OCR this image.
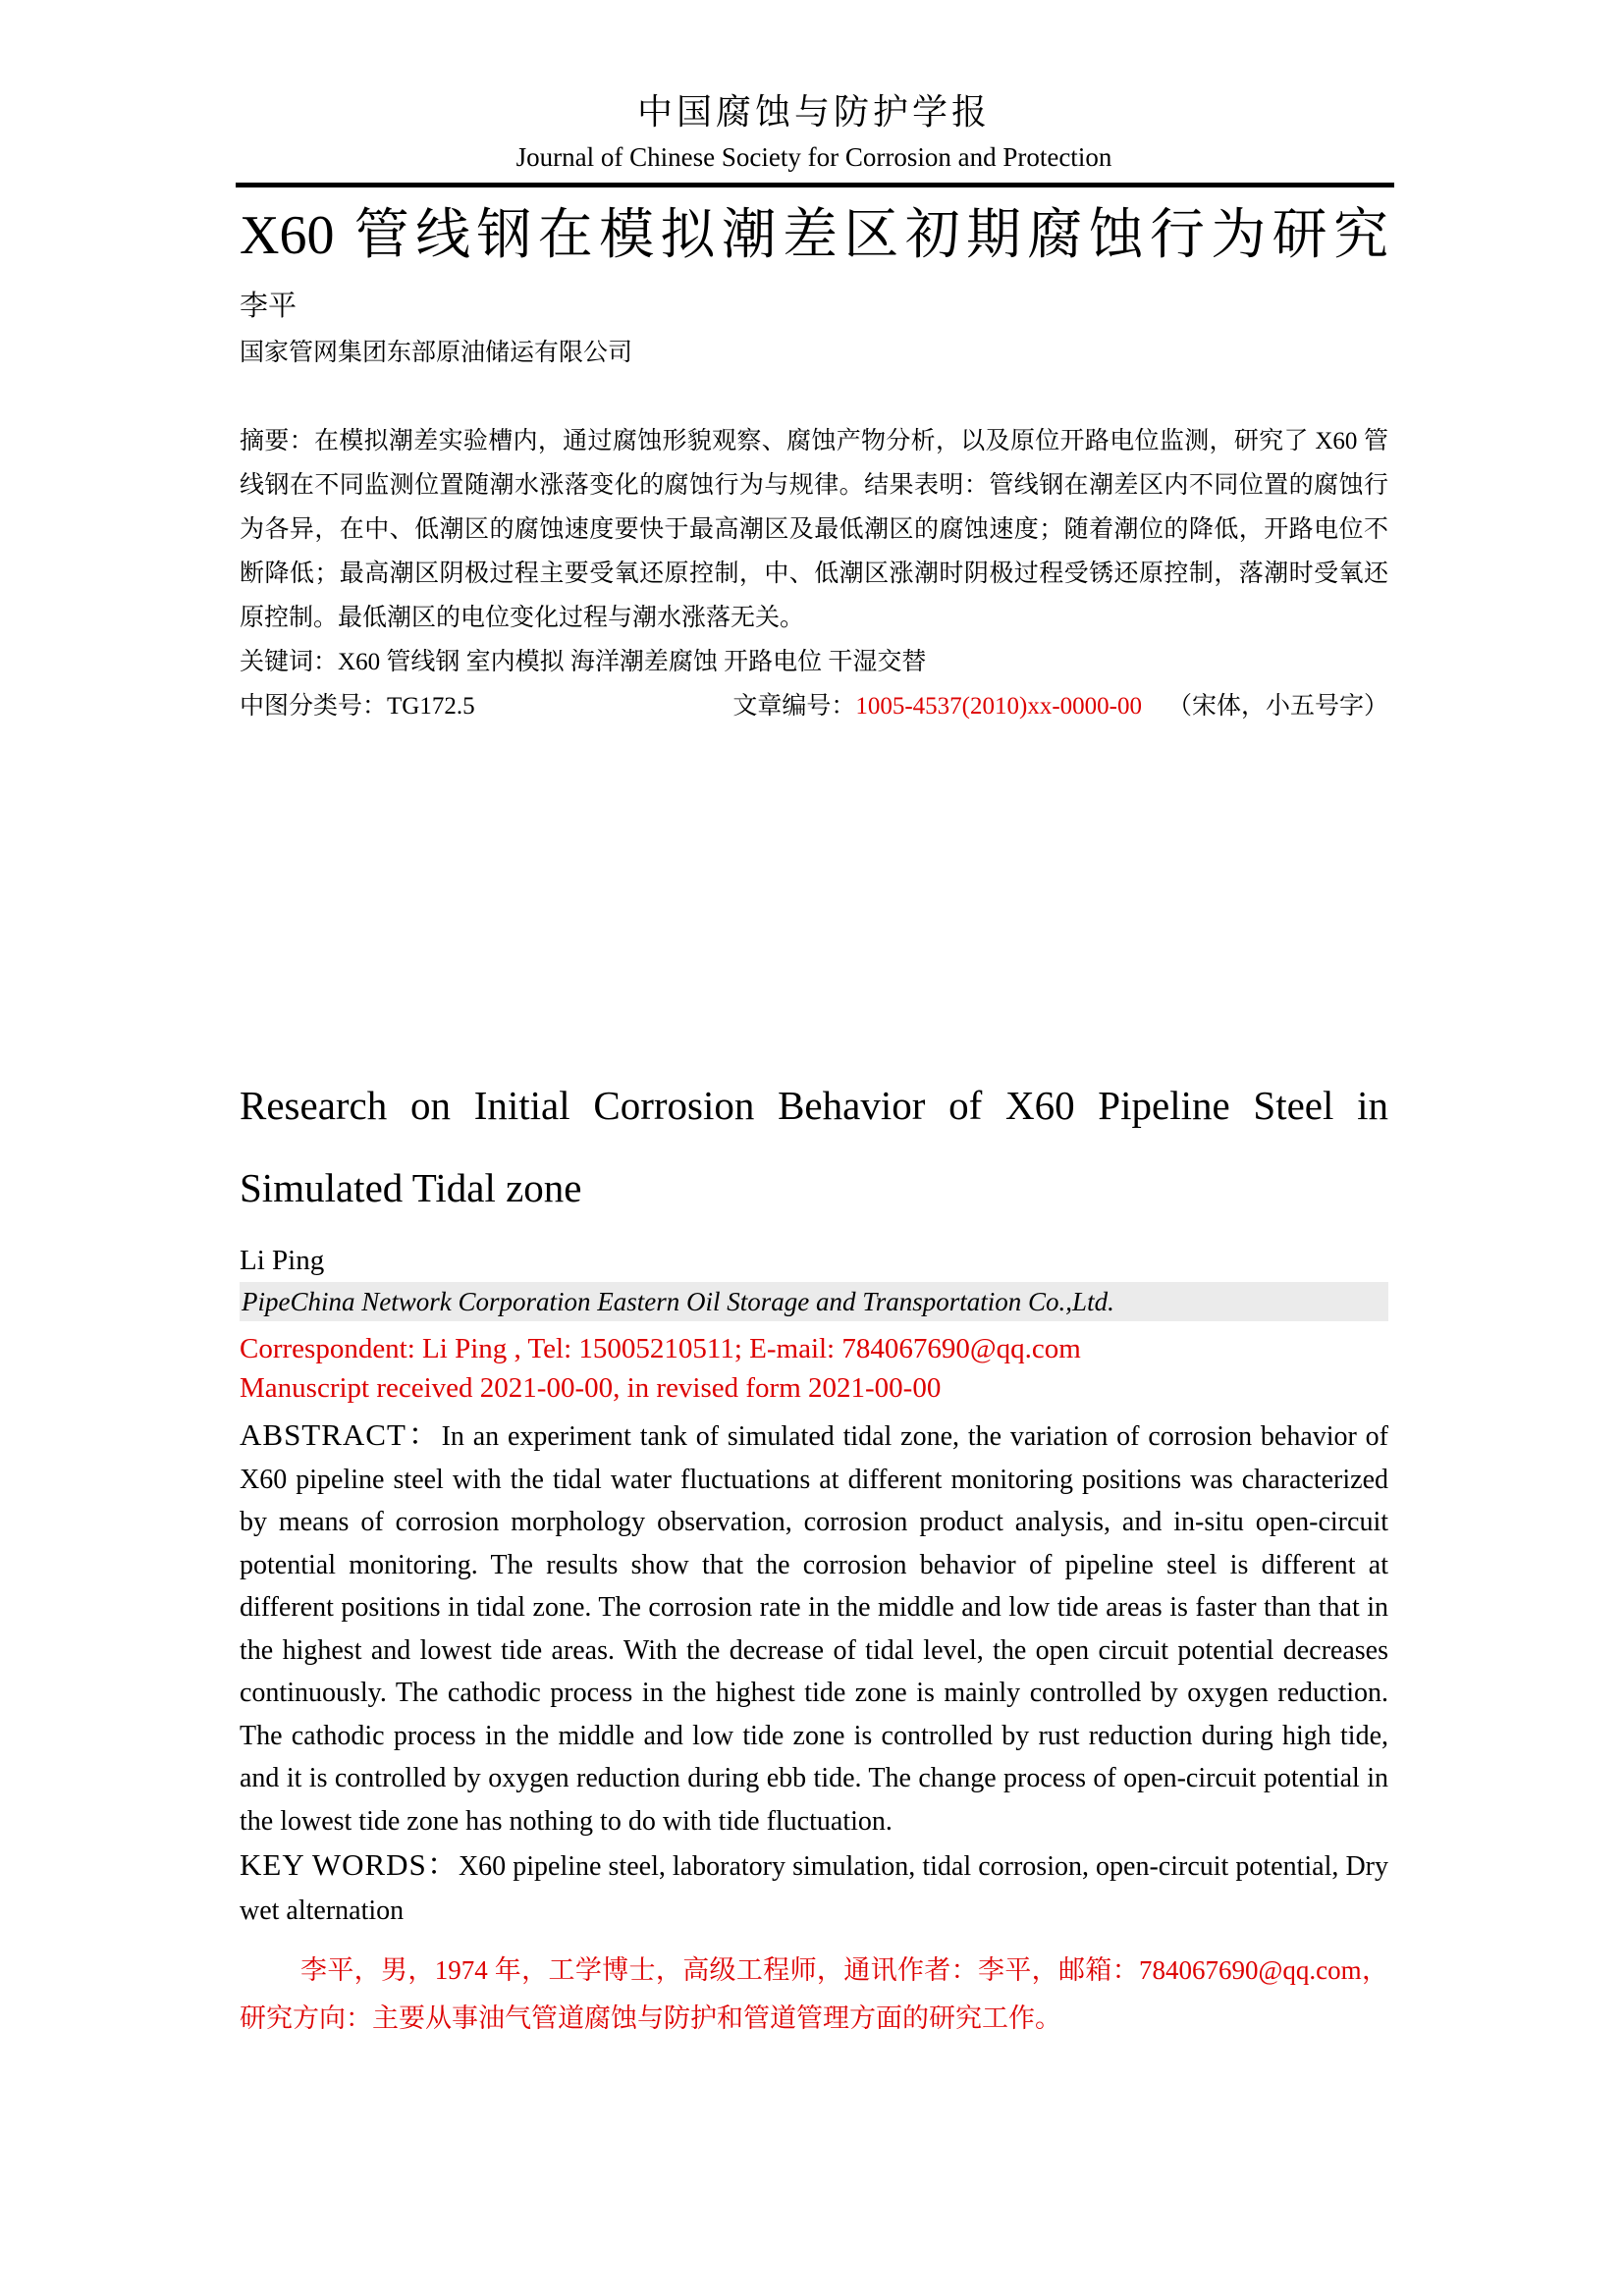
中国腐蚀与防护学报
Journal of Chinese Society for Corrosion and Protection
X60 管线钢在模拟潮差区初期腐蚀行为研究
李平
国家管网集团东部原油储运有限公司
摘要：在模拟潮差实验槽内，通过腐蚀形貌观察、腐蚀产物分析，以及原位开路电位监测，研究了 X60 管线钢在不同监测位置随潮水涨落变化的腐蚀行为与规律。结果表明：管线钢在潮差区内不同位置的腐蚀行为各异，在中、低潮区的腐蚀速度要快于最高潮区及最低潮区的腐蚀速度；随着潮位的降低，开路电位不断降低；最高潮区阴极过程主要受氧还原控制，中、低潮区涨潮时阴极过程受锈还原控制，落潮时受氧还原控制。最低潮区的电位变化过程与潮水涨落无关。
关键词：X60 管线钢 室内模拟 海洋潮差腐蚀 开路电位 干湿交替
中图分类号：TG172.5	文章编号：1005-4537(2010)xx-0000-00 （宋体，小五号字）
Research on Initial Corrosion Behavior of X60 Pipeline Steel in
Simulated Tidal zone
Li Ping
PipeChina Network Corporation Eastern Oil Storage and Transportation Co.,Ltd.
Correspondent: Li Ping , Tel: 15005210511; E-mail: 784067690@qq.com
Manuscript received 2021-00-00, in revised form 2021-00-00
ABSTRACT：In an experiment tank of simulated tidal zone, the variation of corrosion behavior of X60 pipeline steel with the tidal water fluctuations at different monitoring positions was characterized by means of corrosion morphology observation, corrosion product analysis, and in-situ open-circuit potential monitoring. The results show that the corrosion behavior of pipeline steel is different at different positions in tidal zone. The corrosion rate in the middle and low tide areas is faster than that in the highest and lowest tide areas. With the decrease of tidal level, the open circuit potential decreases continuously. The cathodic process in the highest tide zone is mainly controlled by oxygen reduction. The cathodic process in the middle and low tide zone is controlled by rust reduction during high tide, and it is controlled by oxygen reduction during ebb tide. The change process of open-circuit potential in the lowest tide zone has nothing to do with tide fluctuation.
KEY WORDS：X60 pipeline steel, laboratory simulation, tidal corrosion, open-circuit potential, Dry wet alternation
李平，男，1974 年，工学博士，高级工程师，通讯作者：李平，邮箱：784067690@qq.com，研究方向：主要从事油气管道腐蚀与防护和管道管理方面的研究工作。
